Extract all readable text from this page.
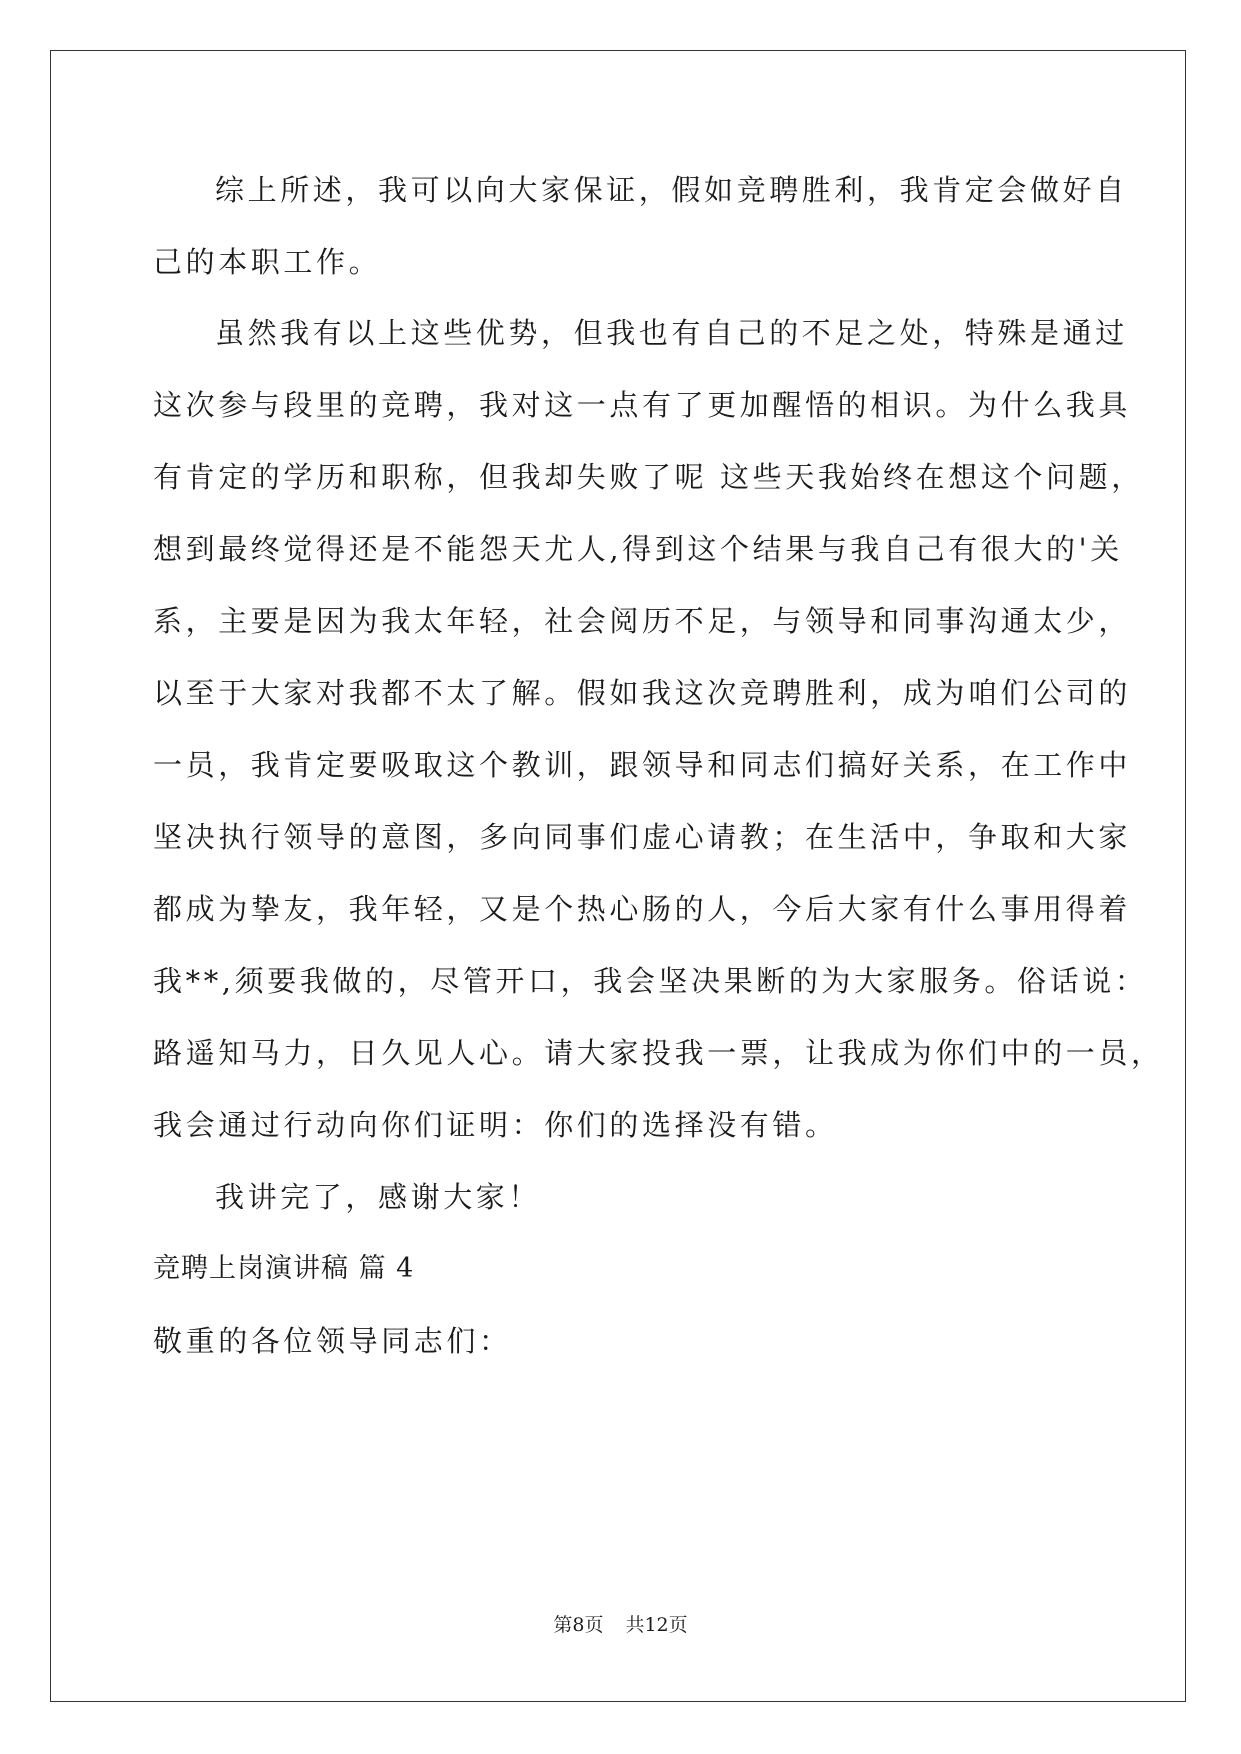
综上所述，我可以向大家保证，假如竞聘胜利，我肯定会做好自
己的本职工作。
虽然我有以上这些优势，但我也有自己的不足之处，特殊是通过
这次参与段里的竞聘，我对这一点有了更加醒悟的相识。为什么我具
有肯定的学历和职称，但我却失败了呢 这些天我始终在想这个问题，
想到最终觉得还是不能怨天尤人,得到这个结果与我自己有很大的'关
系，主要是因为我太年轻，社会阅历不足，与领导和同事沟通太少，
以至于大家对我都不太了解。假如我这次竞聘胜利，成为咱们公司的
一员，我肯定要吸取这个教训，跟领导和同志们搞好关系，在工作中
坚决执行领导的意图，多向同事们虚心请教；在生活中，争取和大家
都成为挚友，我年轻，又是个热心肠的人，今后大家有什么事用得着
我**,须要我做的，尽管开口，我会坚决果断的为大家服务。俗话说：
路遥知马力，日久见人心。请大家投我一票，让我成为你们中的一员，
我会通过行动向你们证明：你们的选择没有错。
我讲完了，感谢大家！
竞聘上岗演讲稿 篇 4
敬重的各位领导同志们：
第8页 共12页
